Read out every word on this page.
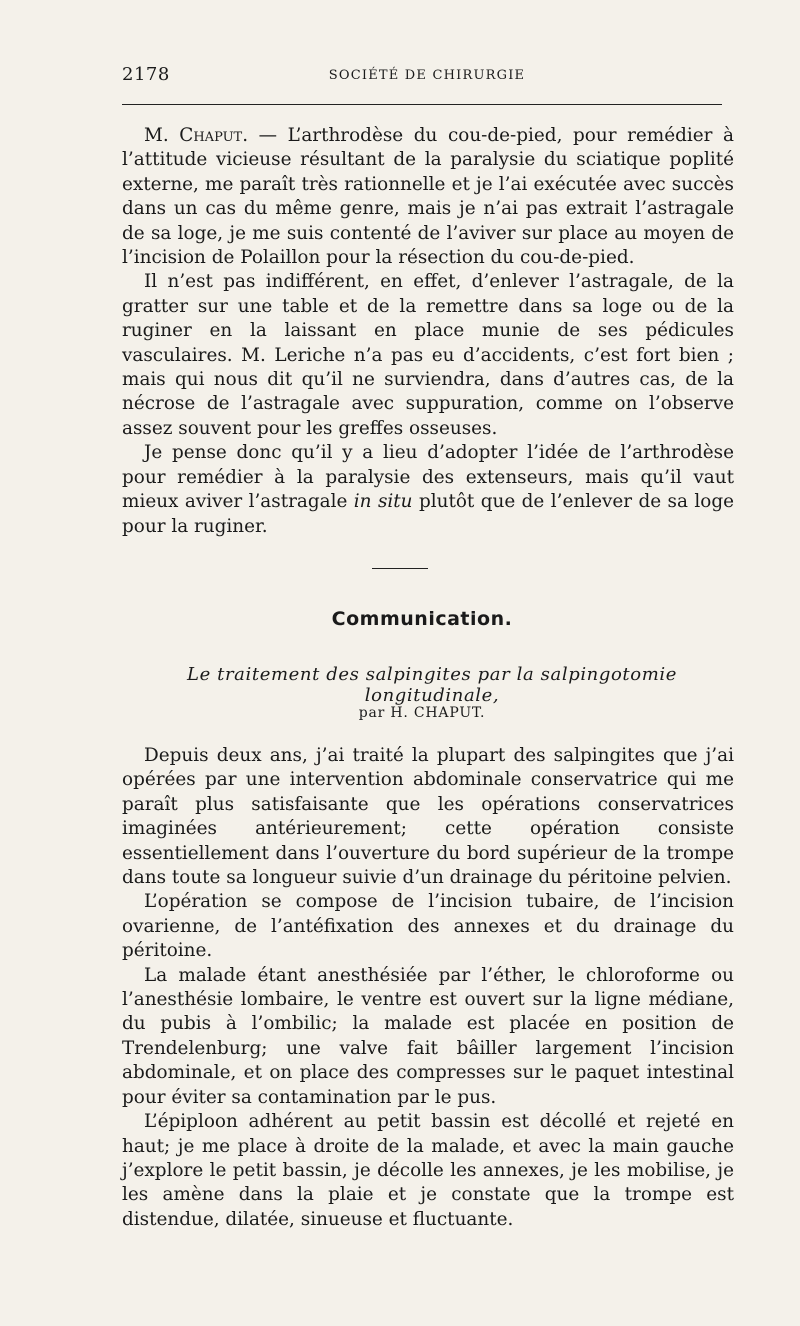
2178	SOCIÉTÉ DE CHIRURGIE

M. Chaput. — L’arthrodèse du cou-de-pied, pour remédier à l’attitude vicieuse résultant de la paralysie du sciatique poplité externe, me paraît très rationnelle et je l’ai exécutée avec succès dans un cas du même genre, mais je n’ai pas extrait l’astragale de sa loge, je me suis contenté de l’aviver sur place au moyen de l’incision de Polaillon pour la résection du cou-de-pied.

Il n’est pas indifférent, en effet, d’enlever l’astragale, de la gratter sur une table et de la remettre dans sa loge ou de la ruginer en la laissant en place munie de ses pédicules vasculaires. M. Leriche n’a pas eu d’accidents, c’est fort bien ; mais qui nous dit qu’il ne surviendra, dans d’autres cas, de la nécrose de l’astragale avec suppuration, comme on l’observe assez souvent pour les greffes osseuses.

Je pense donc qu’il y a lieu d’adopter l’idée de l’arthrodèse pour remédier à la paralysie des extenseurs, mais qu’il vaut mieux aviver l’astragale in situ plutôt que de l’enlever de sa loge pour la ruginer.

Communication.
Le traitement des salpingites par la salpingotomie longitudinale,
par H. CHAPUT.

Depuis deux ans, j’ai traité la plupart des salpingites que j’ai opérées par une intervention abdominale conservatrice qui me paraît plus satisfaisante que les opérations conservatrices imaginées antérieurement; cette opération consiste essentiellement dans l’ouverture du bord supérieur de la trompe dans toute sa longueur suivie d’un drainage du péritoine pelvien.

L’opération se compose de l’incision tubaire, de l’incision ovarienne, de l’antéfixation des annexes et du drainage du péritoine.

La malade étant anesthésiée par l’éther, le chloroforme ou l’anesthésie lombaire, le ventre est ouvert sur la ligne médiane, du pubis à l’ombilic; la malade est placée en position de Trendelenburg; une valve fait bâiller largement l’incision abdominale, et on place des compresses sur le paquet intestinal pour éviter sa contamination par le pus.

L’épiploon adhérent au petit bassin est décollé et rejeté en haut; je me place à droite de la malade, et avec la main gauche j’explore le petit bassin, je décolle les annexes, je les mobilise, je les amène dans la plaie et je constate que la trompe est distendue, dilatée, sinueuse et fluctuante.
